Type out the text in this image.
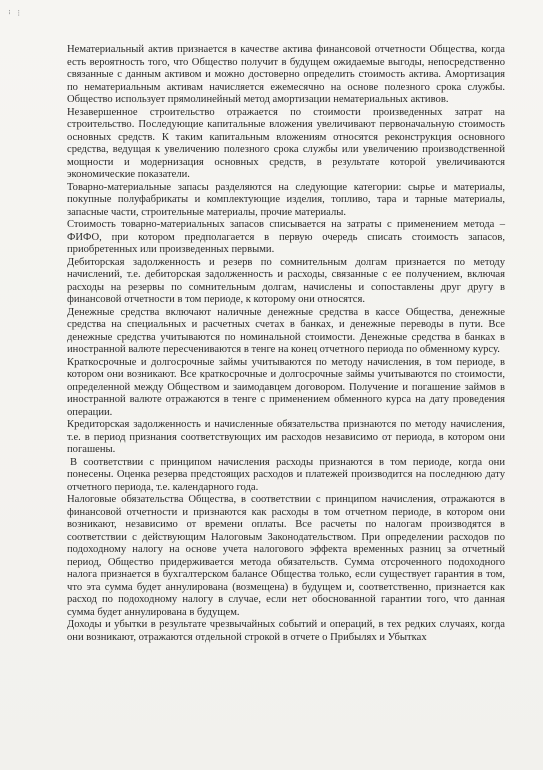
ꜟ ⁝

Нематериальный актив признается в качестве актива финансовой отчетности Общества, когда есть вероятность того, что Общество получит в будущем ожидаемые выгоды, непосредственно связанные с данным активом и можно достоверно определить стоимость актива. Амортизация по нематериальным активам начисляется ежемесячно на основе полезного срока службы. Общество использует прямолинейный метод амортизации нематериальных активов.

Незавершенное строительство отражается по стоимости произведенных затрат на строительство. Последующие капитальные вложения увеличивают первоначальную стоимость основных средств. К таким капитальным вложениям относятся реконструкция основного средства, ведущая к увеличению полезного срока службы или увеличению производственной мощности и модернизация основных средств, в результате которой увеличиваются экономические показатели.

Товарно-материальные запасы разделяются на следующие категории: сырье и материалы, покупные полуфабрикаты и комплектующие изделия, топливо, тара и тарные материалы, запасные части, строительные материалы, прочие материалы.

Стоимость товарно-материальных запасов списывается на затраты с применением метода – ФИФО, при котором предполагается в первую очередь списать стоимость запасов, приобретенных или произведенных первыми.

Дебиторская задолженность и резерв по сомнительным долгам признается по методу начислений, т.е. дебиторская задолженность и расходы, связанные с ее получением, включая расходы на резервы по сомнительным долгам, начислены и сопоставлены друг другу в финансовой отчетности в том периоде, к которому они относятся.

Денежные средства включают наличные денежные средства в кассе Общества, денежные средства на специальных и расчетных счетах в банках, и денежные переводы в пути. Все денежные средства учитываются по номинальной стоимости. Денежные средства в банках в иностранной валюте пересчениваются в тенге на конец отчетного периода по обменному курсу.

Краткосрочные и долгосрочные займы учитываются по методу начисления, в том периоде, в котором они возникают. Все краткосрочные и долгосрочные займы учитываются по стоимости, определенной между Обществом и заимодавцем договором. Получение и погашение займов в иностранной валюте отражаются в тенге с применением обменного курса на дату проведения операции.

Кредиторская задолженность и начисленные обязательства признаются по методу начисления, т.е. в период признания соответствующих им расходов независимо от периода, в котором они погашены.

В соответствии с принципом начисления расходы признаются в том периоде, когда они понесены. Оценка резерва предстоящих расходов и платежей производится на последнюю дату отчетного периода, т.е. календарного года.

Налоговые обязательства Общества, в соответствии с принципом начисления, отражаются в финансовой отчетности и признаются как расходы в том отчетном периоде, в котором они возникают, независимо от времени оплаты. Все расчеты по налогам производятся в соответствии с действующим Налоговым Законодательством. При определении расходов по подоходному налогу на основе учета налогового эффекта временных разниц за отчетный период, Общество придерживается метода обязательств. Сумма отсроченного подоходного налога признается в бухгалтерском балансе Общества только, если существует гарантия в том, что эта сумма будет аннулирована (возмещена) в будущем и, соответственно, признается как расход по подоходному налогу в случае, если нет обоснованной гарантии того, что данная сумма будет аннулирована в будущем.

Доходы и убытки в результате чрезвычайных событий и операций, в тех редких случаях, когда они возникают, отражаются отдельной строкой в отчете о Прибылях и Убытках
